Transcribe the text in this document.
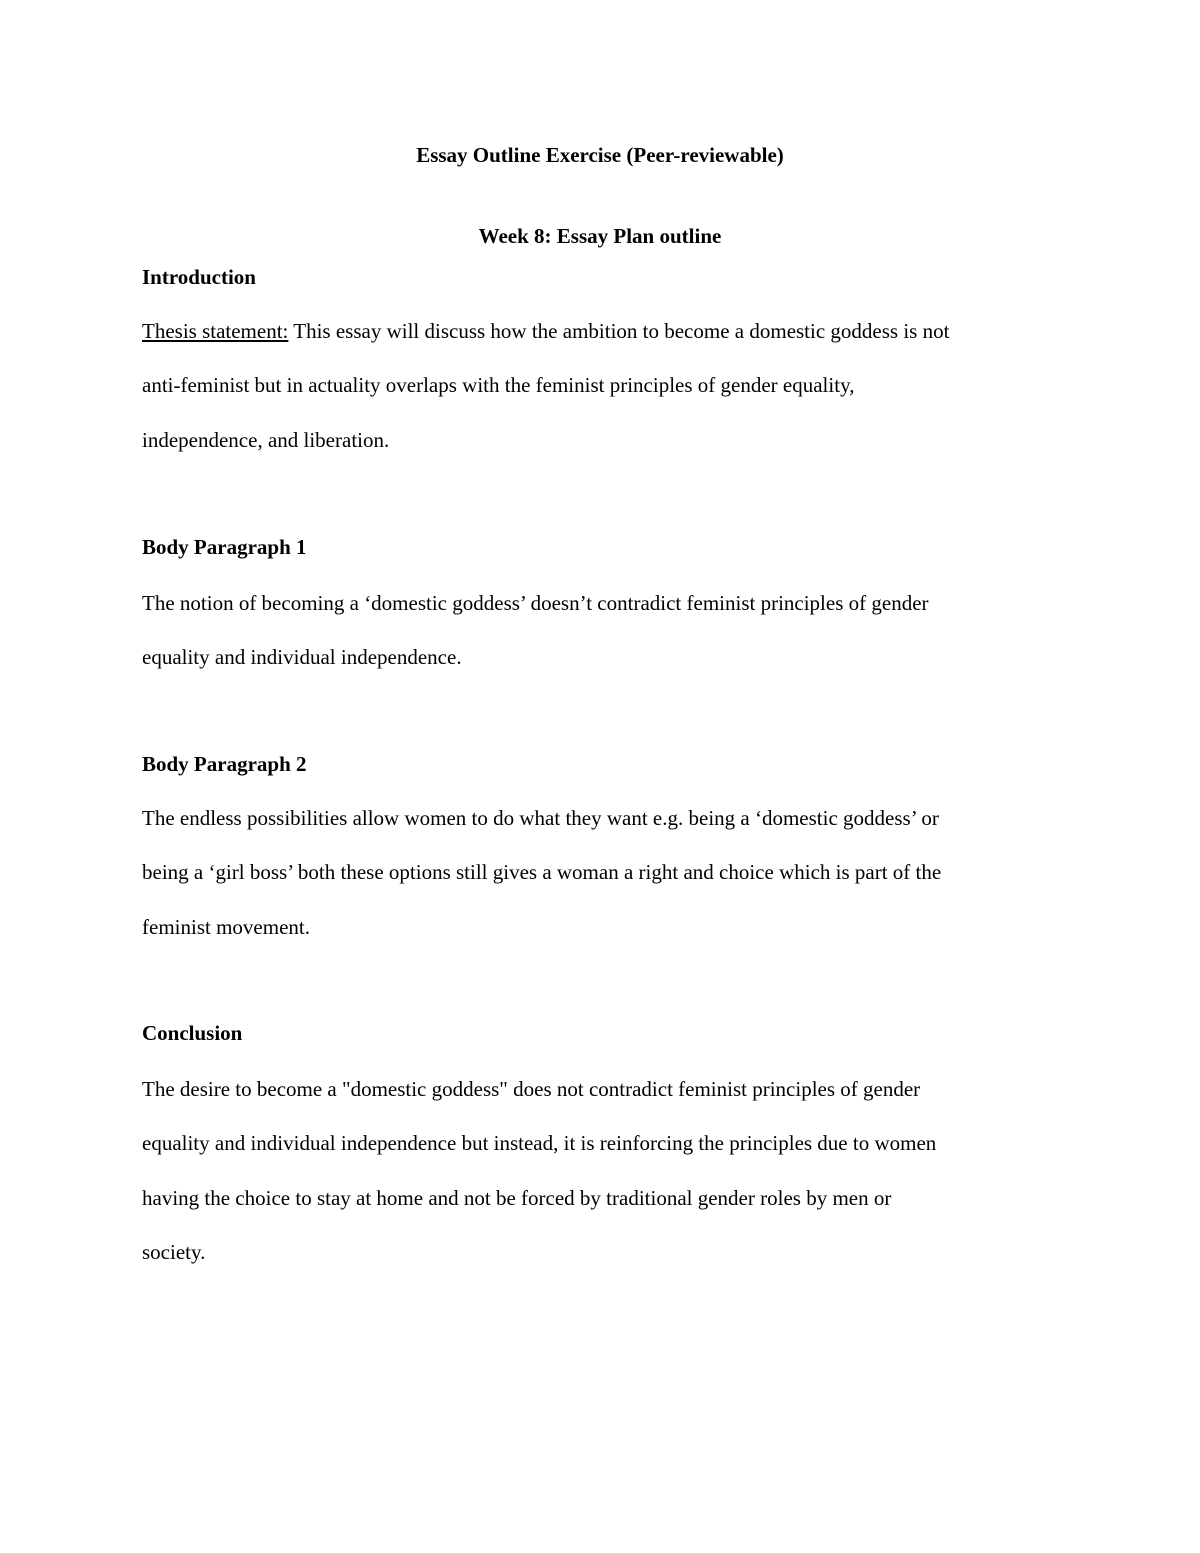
Essay Outline Exercise (Peer-reviewable)
Week 8: Essay Plan outline
Introduction
Thesis statement: This essay will discuss how the ambition to become a domestic goddess is not
anti-feminist but in actuality overlaps with the feminist principles of gender equality,
independence, and liberation.
Body Paragraph 1
The notion of becoming a ‘domestic goddess’ doesn’t contradict feminist principles of gender
equality and individual independence.
Body Paragraph 2
The endless possibilities allow women to do what they want e.g. being a ‘domestic goddess’ or
being a ‘girl boss’ both these options still gives a woman a right and choice which is part of the
feminist movement.
Conclusion
The desire to become a "domestic goddess" does not contradict feminist principles of gender
equality and individual independence but instead, it is reinforcing the principles due to women
having the choice to stay at home and not be forced by traditional gender roles by men or
society.
